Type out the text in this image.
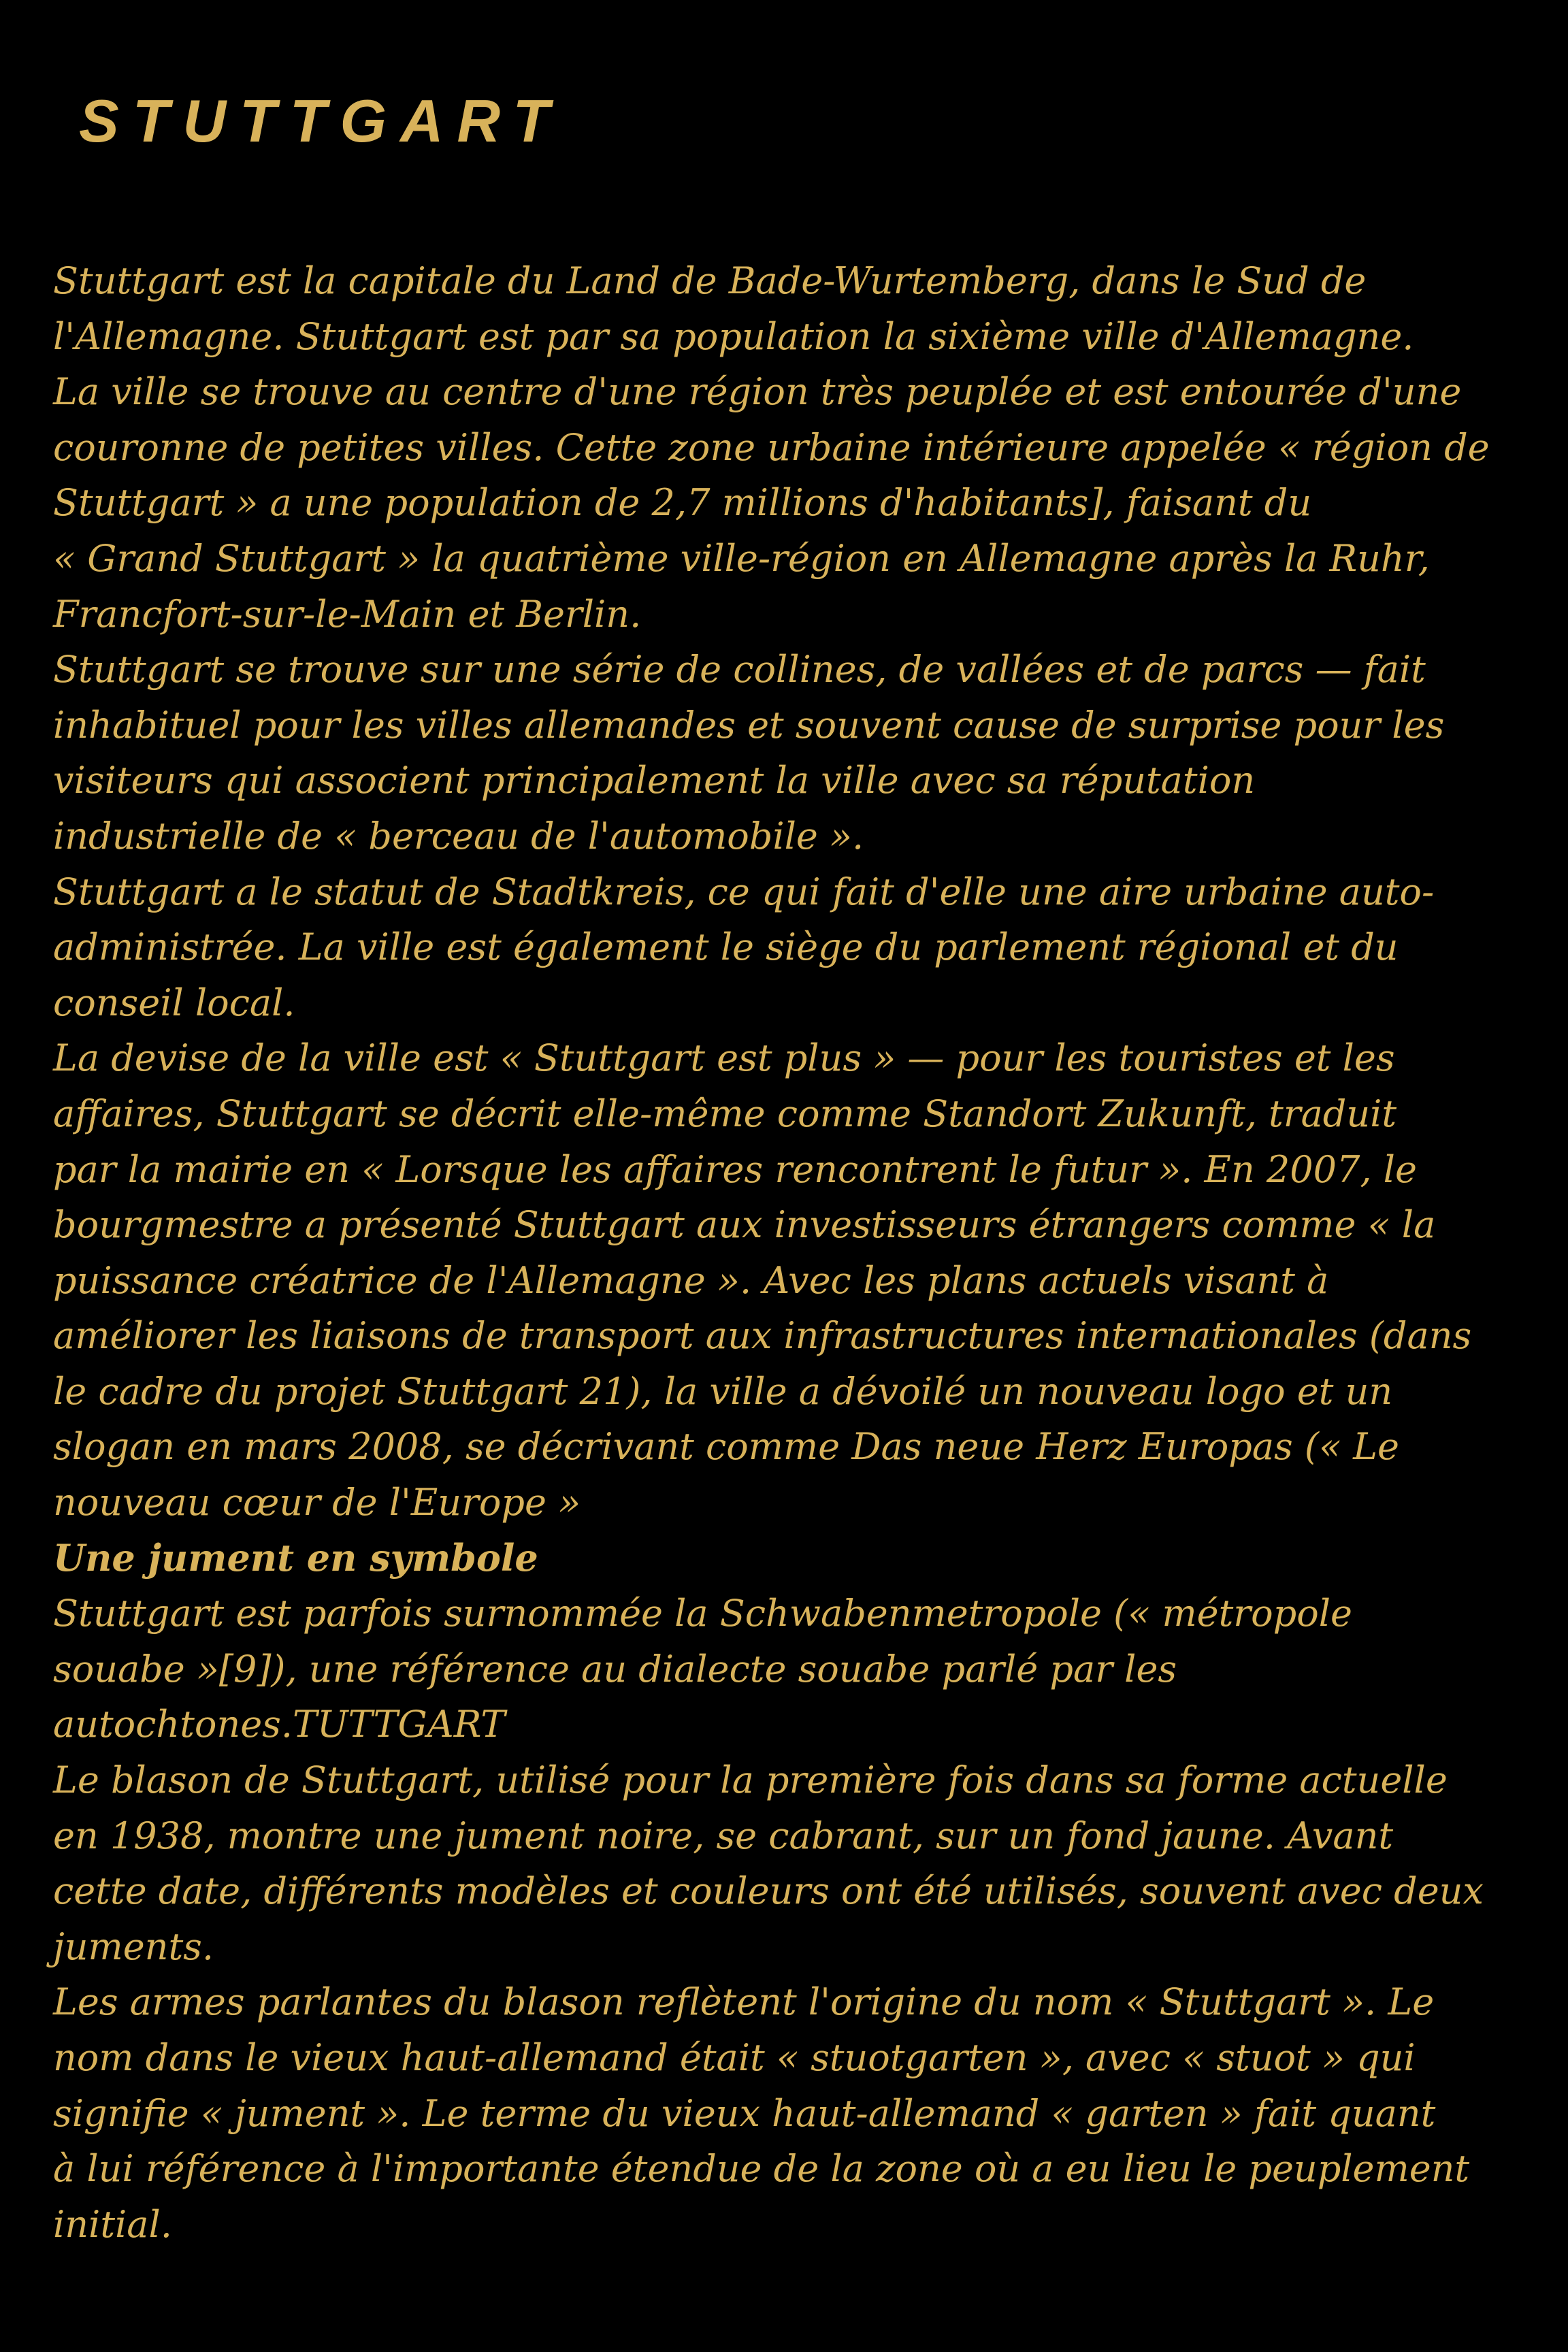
STUTTGART
Stuttgart est la capitale du Land de Bade-Wurtemberg, dans le Sud de
l'Allemagne. Stuttgart est par sa population la sixième ville d'Allemagne.
La ville se trouve au centre d'une région très peuplée et est entourée d'une
couronne de petites villes. Cette zone urbaine intérieure appelée « région de
Stuttgart » a une population de 2,7 millions d'habitants], faisant du
« Grand Stuttgart » la quatrième ville-région en Allemagne après la Ruhr,
Francfort-sur-le-Main et Berlin.
Stuttgart se trouve sur une série de collines, de vallées et de parcs — fait
inhabituel pour les villes allemandes et souvent cause de surprise pour les
visiteurs qui associent principalement la ville avec sa réputation
industrielle de « berceau de l'automobile ».
Stuttgart a le statut de Stadtkreis, ce qui fait d'elle une aire urbaine auto-
administrée. La ville est également le siège du parlement régional et du
conseil local.
La devise de la ville est « Stuttgart est plus » — pour les touristes et les
affaires, Stuttgart se décrit elle-même comme Standort Zukunft, traduit
par la mairie en « Lorsque les affaires rencontrent le futur ». En 2007, le
bourgmestre a présenté Stuttgart aux investisseurs étrangers comme « la
puissance créatrice de l'Allemagne ». Avec les plans actuels visant à
améliorer les liaisons de transport aux infrastructures internationales (dans
le cadre du projet Stuttgart 21), la ville a dévoilé un nouveau logo et un
slogan en mars 2008, se décrivant comme Das neue Herz Europas (« Le
nouveau cœur de l'Europe »
Une jument en symbole
Stuttgart est parfois surnommée la Schwabenmetropole (« métropole
souabe »[9]), une référence au dialecte souabe parlé par les
autochtones.TUTTGART
Le blason de Stuttgart, utilisé pour la première fois dans sa forme actuelle
en 1938, montre une jument noire, se cabrant, sur un fond jaune. Avant
cette date, différents modèles et couleurs ont été utilisés, souvent avec deux
juments.
Les armes parlantes du blason reflètent l'origine du nom « Stuttgart ». Le
nom dans le vieux haut-allemand était « stuotgarten », avec « stuot » qui
signifie « jument ». Le terme du vieux haut-allemand « garten » fait quant
à lui référence à l'importante étendue de la zone où a eu lieu le peuplement
initial.
